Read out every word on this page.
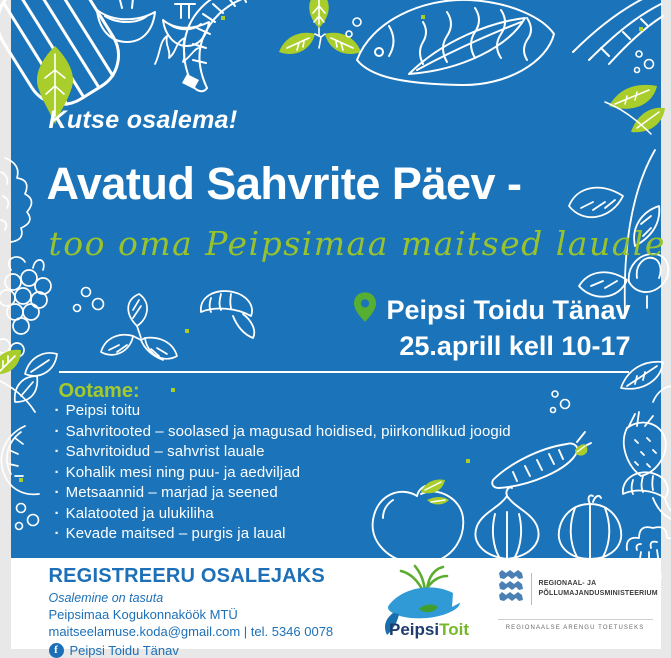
Kutse osalema!
Avatud Sahvrite Päev -
too oma Peipsimaa maitsed lauale
Peipsi Toidu Tänav
25.aprill kell 10-17
Ootame:
· Peipsi toitu
· Sahvritooted – soolased ja magusad hoidised, piirkondlikud joogid
· Sahvritoidud – sahvrist lauale
· Kohalik mesi ning puu- ja aedviljad
· Metsaannid – marjad ja seened
· Kalatooted ja ulukiliha
· Kevade maitsed – purgis ja laual
REGISTREERU OSALEJAKS
Osalemine on tasuta
Peipsimaa Kogukonnaköök MTÜ
maitseelamuse.koda@gmail.com | tel. 5346 0078
f Peipsi Toidu Tänav
PeipsiToit
REGIONAAL- JA
PÕLLUMAJANDUSMINISTEERIUM
REGIONAALSE ARENGU TOETUSEKS
